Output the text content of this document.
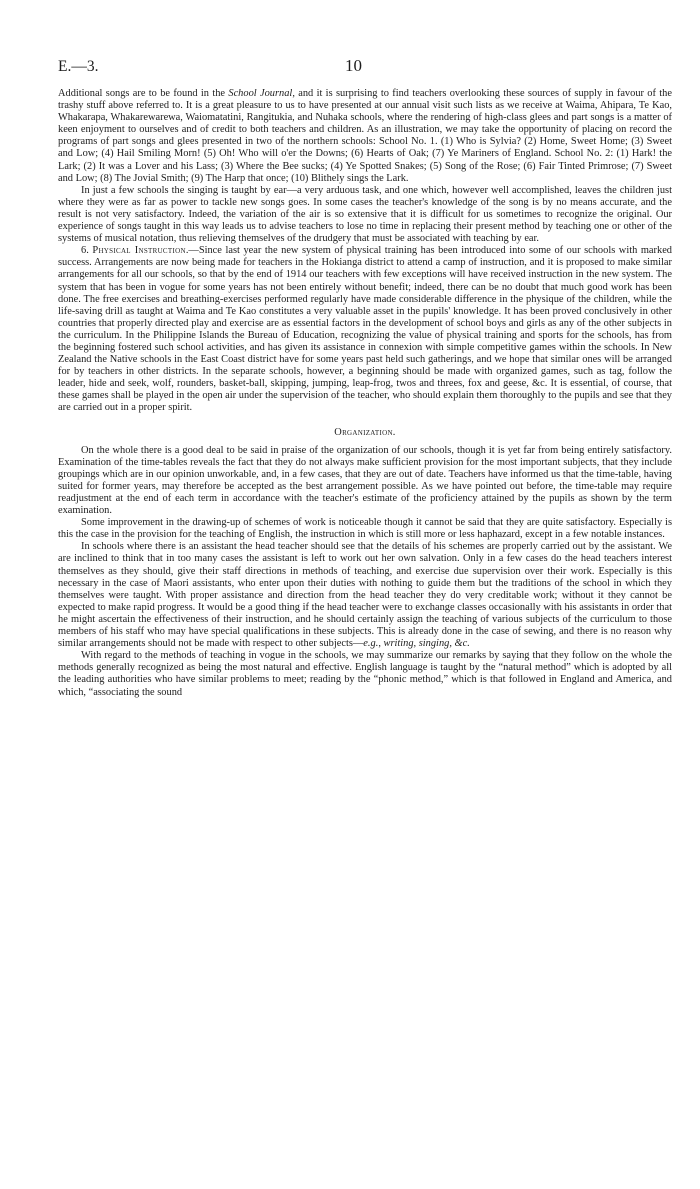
E.—3.	10

Additional songs are to be found in the School Journal, and it is surprising to find teachers overlooking these sources of supply in favour of the trashy stuff above referred to. It is a great pleasure to us to have presented at our annual visit such lists as we receive at Waima, Ahipara, Te Kao, Whakarapa, Whakarewarewa, Waiomatatini, Rangitukia, and Nuhaka schools, where the rendering of high-class glees and part songs is a matter of keen enjoyment to ourselves and of credit to both teachers and children. As an illustration, we may take the opportunity of placing on record the programs of part songs and glees presented in two of the northern schools: School No. 1. (1) Who is Sylvia? (2) Home, Sweet Home; (3) Sweet and Low; (4) Hail Smiling Morn! (5) Oh! Who will o'er the Downs; (6) Hearts of Oak; (7) Ye Mariners of England. School No. 2: (1) Hark! the Lark; (2) It was a Lover and his Lass; (3) Where the Bee sucks; (4) Ye Spotted Snakes; (5) Song of the Rose; (6) Fair Tinted Primrose; (7) Sweet and Low; (8) The Jovial Smith; (9) The Harp that once; (10) Blithely sings the Lark.

In just a few schools the singing is taught by ear—a very arduous task, and one which, however well accomplished, leaves the children just where they were as far as power to tackle new songs goes. In some cases the teacher's knowledge of the song is by no means accurate, and the result is not very satisfactory. Indeed, the variation of the air is so extensive that it is difficult for us sometimes to recognize the original. Our experience of songs taught in this way leads us to advise teachers to lose no time in replacing their present method by teaching one or other of the systems of musical notation, thus relieving themselves of the drudgery that must be associated with teaching by ear.

6. Physical Instruction.—Since last year the new system of physical training has been introduced into some of our schools with marked success. Arrangements are now being made for teachers in the Hokianga district to attend a camp of instruction, and it is proposed to make similar arrangements for all our schools, so that by the end of 1914 our teachers with few exceptions will have received instruction in the new system. The system that has been in vogue for some years has not been entirely without benefit; indeed, there can be no doubt that much good work has been done. The free exercises and breathing-exercises performed regularly have made considerable difference in the physique of the children, while the life-saving drill as taught at Waima and Te Kao constitutes a very valuable asset in the pupils' knowledge. It has been proved conclusively in other countries that properly directed play and exercise are as essential factors in the development of school boys and girls as any of the other subjects in the curriculum. In the Philippine Islands the Bureau of Education, recognizing the value of physical training and sports for the schools, has from the beginning fostered such school activities, and has given its assistance in connexion with simple competitive games within the schools. In New Zealand the Native schools in the East Coast district have for some years past held such gatherings, and we hope that similar ones will be arranged for by teachers in other districts. In the separate schools, however, a beginning should be made with organized games, such as tag, follow the leader, hide and seek, wolf, rounders, basket-ball, skipping, jumping, leap-frog, twos and threes, fox and geese, &c. It is essential, of course, that these games shall be played in the open air under the supervision of the teacher, who should explain them thoroughly to the pupils and see that they are carried out in a proper spirit.

Organization.

On the whole there is a good deal to be said in praise of the organization of our schools, though it is yet far from being entirely satisfactory. Examination of the time-tables reveals the fact that they do not always make sufficient provision for the most important subjects, that they include groupings which are in our opinion unworkable, and, in a few cases, that they are out of date. Teachers have informed us that the time-table, having suited for former years, may therefore be accepted as the best arrangement possible. As we have pointed out before, the time-table may require readjustment at the end of each term in accordance with the teacher's estimate of the proficiency attained by the pupils as shown by the term examination.

Some improvement in the drawing-up of schemes of work is noticeable though it cannot be said that they are quite satisfactory. Especially is this the case in the provision for the teaching of English, the instruction in which is still more or less haphazard, except in a few notable instances.

In schools where there is an assistant the head teacher should see that the details of his schemes are properly carried out by the assistant. We are inclined to think that in too many cases the assistant is left to work out her own salvation. Only in a few cases do the head teachers interest themselves as they should, give their staff directions in methods of teaching, and exercise due supervision over their work. Especially is this necessary in the case of Maori assistants, who enter upon their duties with nothing to guide them but the traditions of the school in which they themselves were taught. With proper assistance and direction from the head teacher they do very creditable work; without it they cannot be expected to make rapid progress. It would be a good thing if the head teacher were to exchange classes occasionally with his assistants in order that he might ascertain the effectiveness of their instruction, and he should certainly assign the teaching of various subjects of the curriculum to those members of his staff who may have special qualifications in these subjects. This is already done in the case of sewing, and there is no reason why similar arrangements should not be made with respect to other subjects—e.g., writing, singing, &c.

With regard to the methods of teaching in vogue in the schools, we may summarize our remarks by saying that they follow on the whole the methods generally recognized as being the most natural and effective. English language is taught by the “natural method” which is adopted by all the leading authorities who have similar problems to meet; reading by the “phonic method,” which is that followed in England and America, and which, “associating the sound
